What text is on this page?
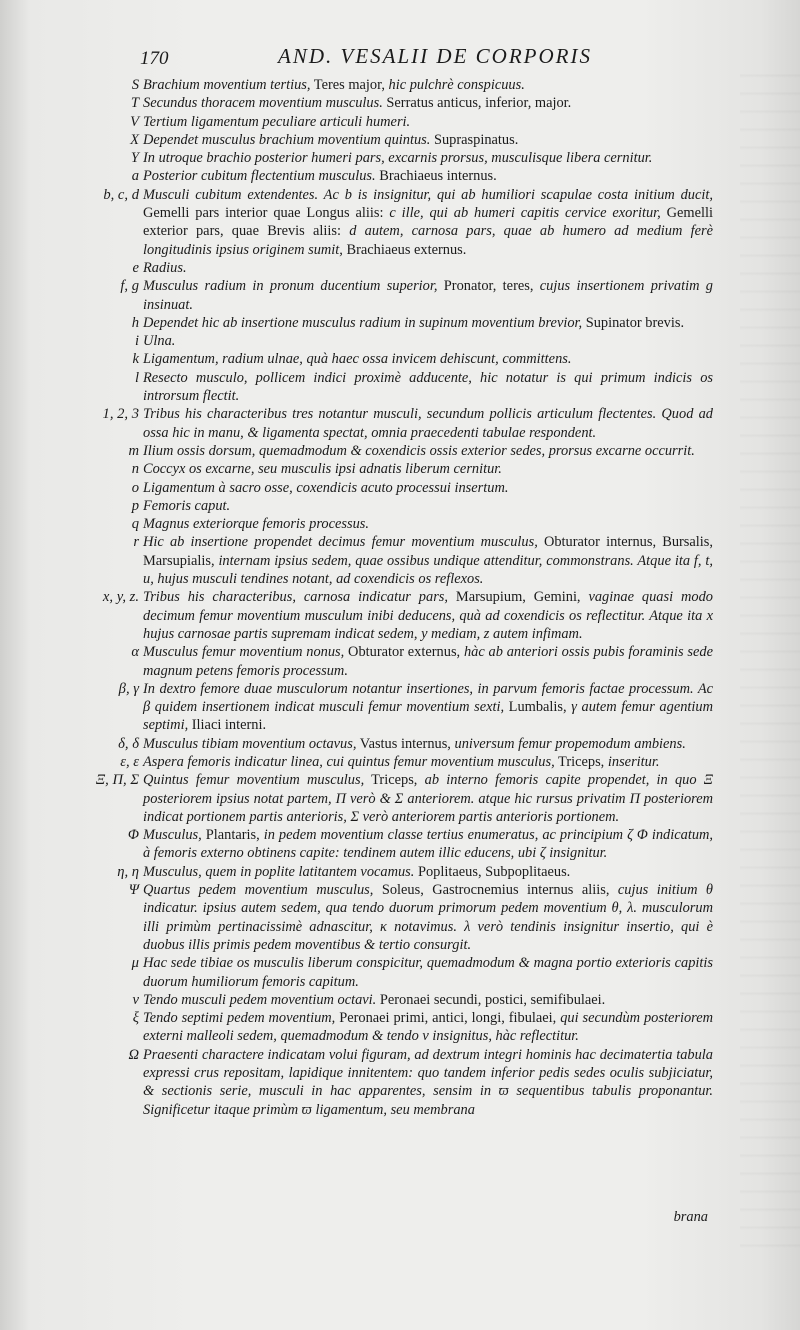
170	AND. VESALII DE CORPORIS
S Brachium moventium tertius, Teres major, hic pulchrè conspicuus.
T Secundus thoracem moventium musculus. Serratus anticus, inferior, major.
V Tertium ligamentum peculiare articuli humeri.
X Dependet musculus brachium moventium quintus. Supraspinatus.
Y In utroque brachio posterior humeri pars, excarnis prorsus, musculisque libera cernitur.
a Posterior cubitum flectentium musculus. Brachiaeus internus.
b, c, d Musculi cubitum extendentes. Ac b is insignitur, qui ab humiliori scapulae costa initium ducit, Gemelli pars interior quae Longus aliis: c ille, qui ab humeri capitis cervice exoritur, Gemelli exterior pars, quae Brevis aliis: d autem, carnosa pars, quae ab humero ad medium ferè longitudinis ipsius originem sumit, Brachiaeus externus.
e Radius.
f, g Musculus radium in pronum ducentium superior, Pronator, teres, cujus insertionem privatim g insinuat.
h Dependet hic ab insertione musculus radium in supinum moventium brevior, Supinator brevis.
i Ulna.
k Ligamentum, radium ulnae, quà haec ossa invicem dehiscunt, committens.
l Resecto musculo, pollicem indici proximè adducente, hic notatur is qui primum indicis os introrsum flectit.
1, 2, 3 Tribus his characteribus tres notantur musculi, secundum pollicis articulum flectentes. Quod ad ossa hic in manu, & ligamenta spectat, omnia praecedenti tabulae respondent.
m Ilium ossis dorsum, quemadmodum & coxendicis ossis exterior sedes, prorsus excarne occurrit.
n Coccyx os excarne, seu musculis ipsi adnatis liberum cernitur.
o Ligamentum à sacro osse, coxendicis acuto processui insertum.
p Femoris caput.
q Magnus exteriorque femoris processus.
r Hic ab insertione propendet decimus femur moventium musculus, Obturator internus, Bursalis, Marsupialis, internam ipsius sedem, quae ossibus undique attenditur, commonstrans. Atque ita f, t, u, hujus musculi tendines notant, ad coxendicis os reflexos.
x, y, z. Tribus his characteribus, carnosa indicatur pars, Marsupium, Gemini, vaginae quasi modo decimum femur moventium musculum inibi deducens, quà ad coxendicis os reflectitur. Atque ita x hujus carnosae partis supremam indicat sedem, y mediam, z autem infimam.
α Musculus femur moventium nonus, Obturator externus, hàc ab anteriori ossis pubis foraminis sede magnum petens femoris processum.
β, γ In dextro femore duae musculorum notantur insertiones, in parvum femoris factae processum. Ac β quidem insertionem indicat musculi femur moventium sexti, Lumbalis, γ autem femur agentium septimi, Iliaci interni.
δ, δ Musculus tibiam moventium octavus, Vastus internus, universum femur propemodum ambiens.
ε, ε Aspera femoris indicatur linea, cui quintus femur moventium musculus, Triceps, inseritur.
Ξ, Π, Σ Quintus femur moventium musculus, Triceps, ab interno femoris capite propendet, in quo Ξ posteriorem ipsius notat partem, Π verò & Σ anteriorem. atque hic rursus privatim Π posteriorem indicat portionem partis anterioris, Σ verò anteriorem partis anterioris portionem.
Φ Musculus, Plantaris, in pedem moventium classe tertius enumeratus, ac principium ζ Φ indicatum, à femoris externo obtinens capite: tendinem autem illic educens, ubi ζ insignitur.
η, η Musculus, quem in poplite latitantem vocamus. Poplitaeus, Subpoplitaeus.
Ψ Quartus pedem moventium musculus, Soleus, Gastrocnemius internus aliis, cujus initium θ indicatur. ipsius autem sedem, qua tendo duorum primorum pedem moventium θ, λ. musculorum illi primùm pertinacissimè adnascitur, κ notavimus. λ verò tendinis insignitur insertio, qui è duobus illis primis pedem moventibus & tertio consurgit.
μ Hac sede tibiae os musculis liberum conspicitur, quemadmodum & magna portio exterioris capitis duorum humiliorum femoris capitum.
ν Tendo musculi pedem moventium octavi. Peronaei secundi, postici, semifibulaei.
ξ Tendo septimi pedem moventium, Peronaei primi, antici, longi, fibulaei, qui secundùm posteriorem externi malleoli sedem, quemadmodum & tendo ν insignitus, hàc reflectitur.
Ω Praesenti charactere indicatam volui figuram, ad dextrum integri hominis hac decimatertia tabula expressi crus repositam, lapidique innitentem: quo tandem inferior pedis sedes oculis subjiciatur, & sectionis serie, musculi in hac apparentes, sensim in ϖ sequentibus tabulis proponantur. Significetur itaque primùm ϖ ligamentum, seu membrana
brana
